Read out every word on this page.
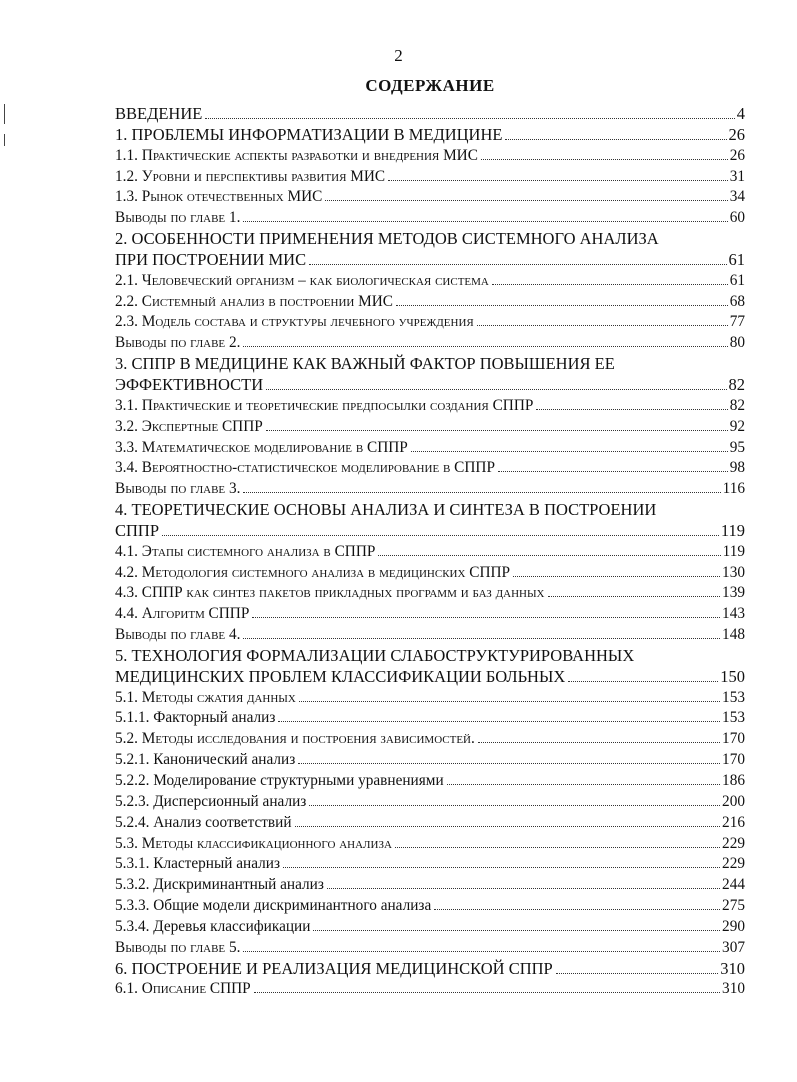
2
СОДЕРЖАНИЕ
ВВЕДЕНИЕ	4
1. ПРОБЛЕМЫ ИНФОРМАТИЗАЦИИ В МЕДИЦИНЕ	26
1.1. Практические аспекты разработки и внедрения МИС	26
1.2. Уровни и перспективы развития МИС	31
1.3. Рынок отечественных МИС	34
Выводы по главе 1.	60
2. ОСОБЕННОСТИ ПРИМЕНЕНИЯ МЕТОДОВ СИСТЕМНОГО АНАЛИЗА
ПРИ ПОСТРОЕНИИ МИС	61
2.1. Человеческий организм – как биологическая система	61
2.2. Системный анализ в построении МИС	68
2.3. Модель состава и структуры лечебного учреждения	77
Выводы по главе 2.	80
3. СППР В МЕДИЦИНЕ КАК ВАЖНЫЙ ФАКТОР ПОВЫШЕНИЯ ЕЕ
ЭФФЕКТИВНОСТИ	82
3.1. Практические и теоретические предпосылки создания СППР	82
3.2. Экспертные СППР	92
3.3. Математическое моделирование в СППР	95
3.4. Вероятностно-статистическое моделирование в СППР	98
Выводы по главе 3.	116
4. ТЕОРЕТИЧЕСКИЕ ОСНОВЫ АНАЛИЗА И СИНТЕЗА В ПОСТРОЕНИИ
СППР	119
4.1. Этапы системного анализа в СППР	119
4.2. Методология системного анализа в медицинских СППР	130
4.3. СППР как синтез пакетов прикладных программ и баз данных	139
4.4. Алгоритм СППР	143
Выводы по главе 4.	148
5. ТЕХНОЛОГИЯ ФОРМАЛИЗАЦИИ СЛАБОСТРУКТУРИРОВАННЫХ
МЕДИЦИНСКИХ ПРОБЛЕМ КЛАССИФИКАЦИИ БОЛЬНЫХ	150
5.1. Методы сжатия данных	153
5.1.1. Факторный анализ	153
5.2. Методы исследования и построения зависимостей.	170
5.2.1. Канонический анализ	170
5.2.2. Моделирование структурными уравнениями	186
5.2.3. Дисперсионный анализ	200
5.2.4. Анализ соответствий	216
5.3. Методы классификационного анализа	229
5.3.1. Кластерный анализ	229
5.3.2. Дискриминантный анализ	244
5.3.3. Общие модели дискриминантного анализа	275
5.3.4. Деревья классификации	290
Выводы по главе 5.	307
6. ПОСТРОЕНИЕ И РЕАЛИЗАЦИЯ МЕДИЦИНСКОЙ СППР	310
6.1. Описание СППР	310
